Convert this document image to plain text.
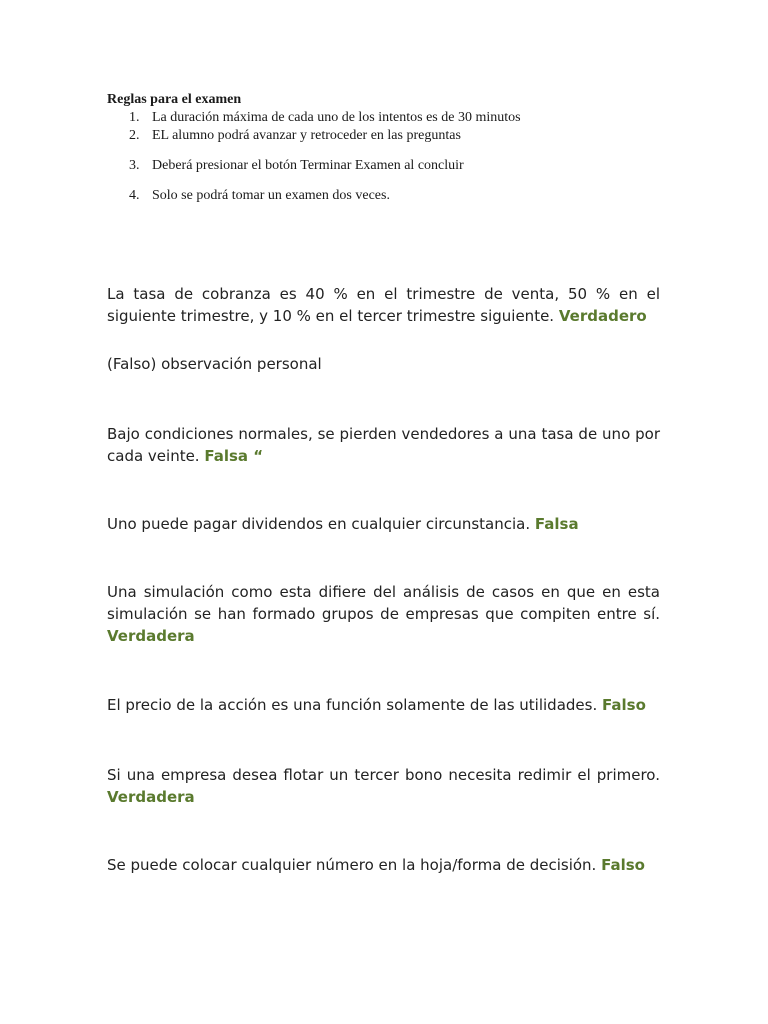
Reglas para el examen
1. La duración máxima de cada uno de los intentos es de 30 minutos
2. EL alumno podrá avanzar y retroceder en las preguntas
3. Deberá presionar el botón Terminar Examen al concluir
4. Solo se podrá tomar un examen dos veces.

La tasa de cobranza es 40 % en el trimestre de venta, 50 % en el siguiente trimestre, y 10 % en el tercer trimestre siguiente. Verdadero

(Falso) observación personal

Bajo condiciones normales, se pierden vendedores a una tasa de uno por cada veinte. Falsa “

Uno puede pagar dividendos en cualquier circunstancia. Falsa

Una simulación como esta difiere del análisis de casos en que en esta simulación se han formado grupos de empresas que compiten entre sí. Verdadera

El precio de la acción es una función solamente de las utilidades. Falso

Si una empresa desea flotar un tercer bono necesita redimir el primero. Verdadera

Se puede colocar cualquier número en la hoja/forma de decisión. Falso
